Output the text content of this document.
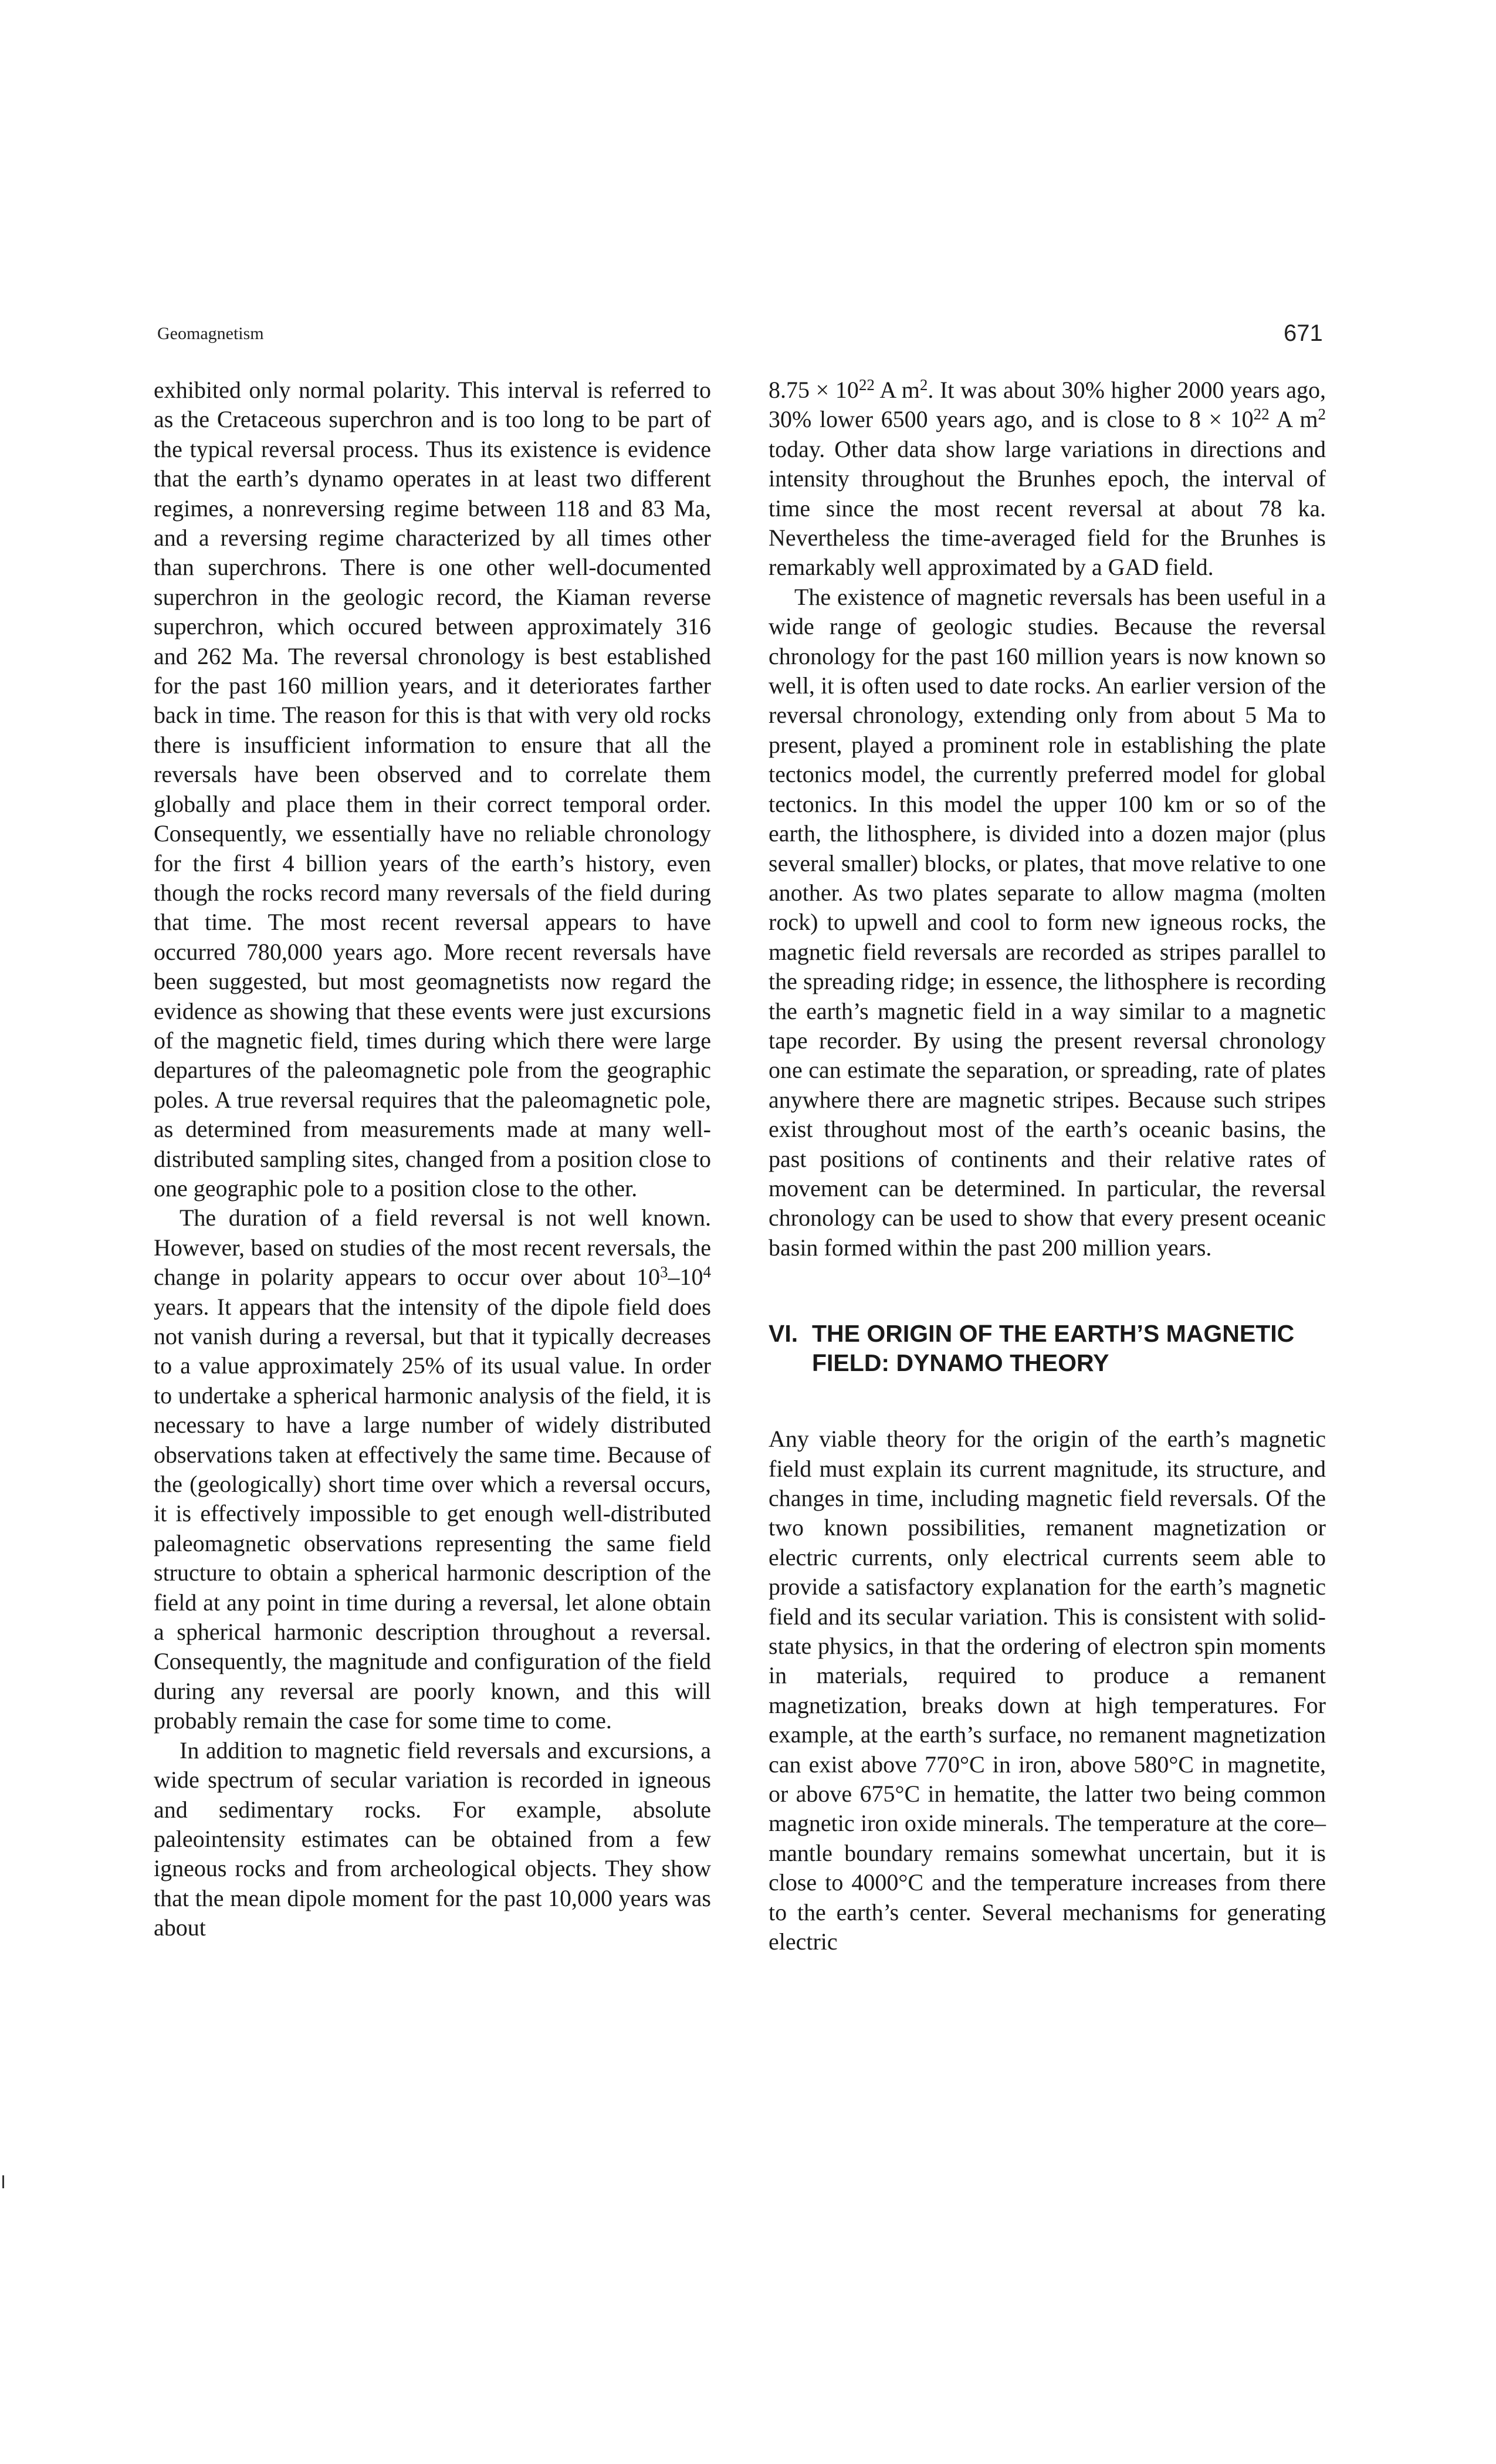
Geomagnetism	671

exhibited only normal polarity. This interval is referred to as the Cretaceous superchron and is too long to be part of the typical reversal process. Thus its existence is evidence that the earth’s dynamo operates in at least two different regimes, a nonreversing regime between 118 and 83 Ma, and a reversing regime characterized by all times other than superchrons. There is one other well-documented superchron in the geologic record, the Kiaman reverse superchron, which occured between approximately 316 and 262 Ma. The reversal chronology is best established for the past 160 million years, and it deteriorates farther back in time. The reason for this is that with very old rocks there is insufficient information to ensure that all the reversals have been observed and to correlate them globally and place them in their correct temporal order. Consequently, we essentially have no reliable chronology for the first 4 billion years of the earth’s history, even though the rocks record many reversals of the field during that time. The most recent reversal appears to have occurred 780,000 years ago. More recent reversals have been suggested, but most geomagnetists now regard the evidence as showing that these events were just excursions of the magnetic field, times during which there were large departures of the paleomagnetic pole from the geographic poles. A true reversal requires that the paleomagnetic pole, as determined from measurements made at many well-distributed sampling sites, changed from a position close to one geographic pole to a position close to the other.

The duration of a field reversal is not well known. However, based on studies of the most recent reversals, the change in polarity appears to occur over about $10^3-10^4$ years. It appears that the intensity of the dipole field does not vanish during a reversal, but that it typically decreases to a value approximately 25% of its usual value. In order to undertake a spherical harmonic analysis of the field, it is necessary to have a large number of widely distributed observations taken at effectively the same time. Because of the (geologically) short time over which a reversal occurs, it is effectively impossible to get enough well-distributed paleomagnetic observations representing the same field structure to obtain a spherical harmonic description of the field at any point in time during a reversal, let alone obtain a spherical harmonic description throughout a reversal. Consequently, the magnitude and configuration of the field during any reversal are poorly known, and this will probably remain the case for some time to come.

In addition to magnetic field reversals and excursions, a wide spectrum of secular variation is recorded in igneous and sedimentary rocks. For example, absolute paleointensity estimates can be obtained from a few igneous rocks and from archeological objects. They show that the mean dipole moment for the past 10,000 years was about

$8.75 \times 10^{22}$ A $m^2$. It was about 30% higher 2000 years ago, 30% lower 6500 years ago, and is close to $8 \times 10^{22}$ A $m^2$ today. Other data show large variations in directions and intensity throughout the Brunhes epoch, the interval of time since the most recent reversal at about 78 ka. Nevertheless the time-averaged field for the Brunhes is remarkably well approximated by a GAD field.

The existence of magnetic reversals has been useful in a wide range of geologic studies. Because the reversal chronology for the past 160 million years is now known so well, it is often used to date rocks. An earlier version of the reversal chronology, extending only from about 5 Ma to present, played a prominent role in establishing the plate tectonics model, the currently preferred model for global tectonics. In this model the upper 100 km or so of the earth, the lithosphere, is divided into a dozen major (plus several smaller) blocks, or plates, that move relative to one another. As two plates separate to allow magma (molten rock) to upwell and cool to form new igneous rocks, the magnetic field reversals are recorded as stripes parallel to the spreading ridge; in essence, the lithosphere is recording the earth’s magnetic field in a way similar to a magnetic tape recorder. By using the present reversal chronology one can estimate the separation, or spreading, rate of plates anywhere there are magnetic stripes. Because such stripes exist throughout most of the earth’s oceanic basins, the past positions of continents and their relative rates of movement can be determined. In particular, the reversal chronology can be used to show that every present oceanic basin formed within the past 200 million years.

VI. THE ORIGIN OF THE EARTH’S MAGNETIC FIELD: DYNAMO THEORY

Any viable theory for the origin of the earth’s magnetic field must explain its current magnitude, its structure, and changes in time, including magnetic field reversals. Of the two known possibilities, remanent magnetization or electric currents, only electrical currents seem able to provide a satisfactory explanation for the earth’s magnetic field and its secular variation. This is consistent with solid-state physics, in that the ordering of electron spin moments in materials, required to produce a remanent magnetization, breaks down at high temperatures. For example, at the earth’s surface, no remanent magnetization can exist above 770°C in iron, above 580°C in magnetite, or above 675°C in hematite, the latter two being common magnetic iron oxide minerals. The temperature at the core–mantle boundary remains somewhat uncertain, but it is close to 4000°C and the temperature increases from there to the earth’s center. Several mechanisms for generating electric
